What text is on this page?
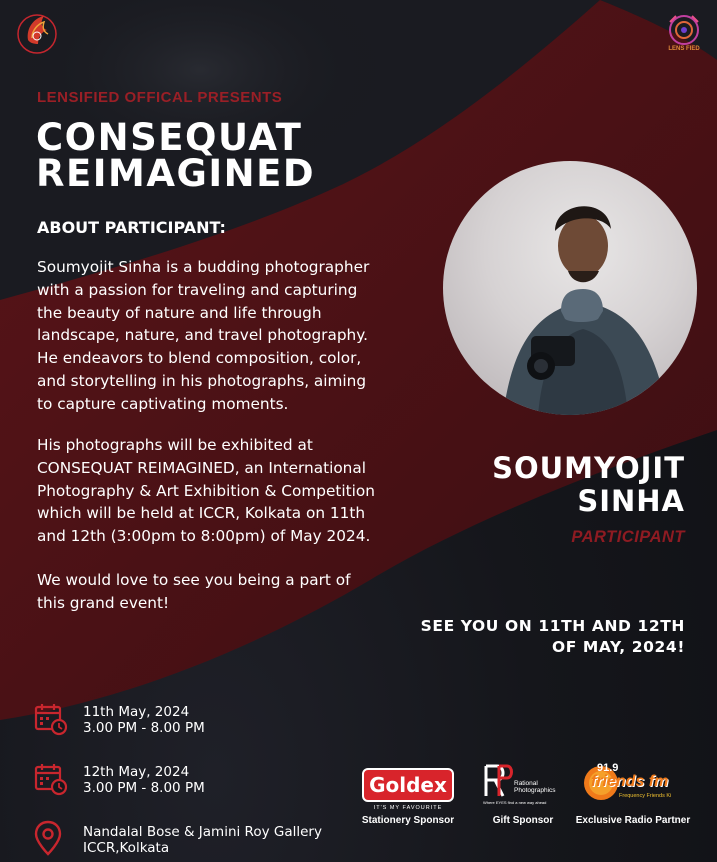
LENS FIED
LENSIFIED OFFICAL PRESENTS
CONSEQUAT
REIMAGINED
ABOUT PARTICIPANT:

Soumyojit Sinha is a budding photographer

with a passion for traveling and capturing

the beauty of nature and life through

landscape, nature, and travel photography.

He endeavors to blend composition, color,

and storytelling in his photographs, aiming

to capture captivating moments.

His photographs will be exhibited at

CONSEQUAT REIMAGINED, an International

Photography & Art Exhibition & Competition

which will be held at ICCR, Kolkata on 11th

and 12th (3:00pm to 8:00pm) of May 2024.

We would love to see you being a part of

this grand event!

SOUMYOJIT
SINHA
PARTICIPANT
SEE YOU ON 11TH AND 12TH
OF MAY, 2024!
11th May, 2024
3.00 PM - 8.00 PM
12th May, 2024
3.00 PM - 8.00 PM
Nandalal Bose & Jamini Roy Gallery
ICCR,Kolkata
Goldex
IT'S MY FAVOURITE
Stationery Sponsor
Rational
Photographics
Where EYES find a new way ahead
Gift Sponsor
91.9
friends fm
Frequency Friends Ki
Exclusive Radio Partner
